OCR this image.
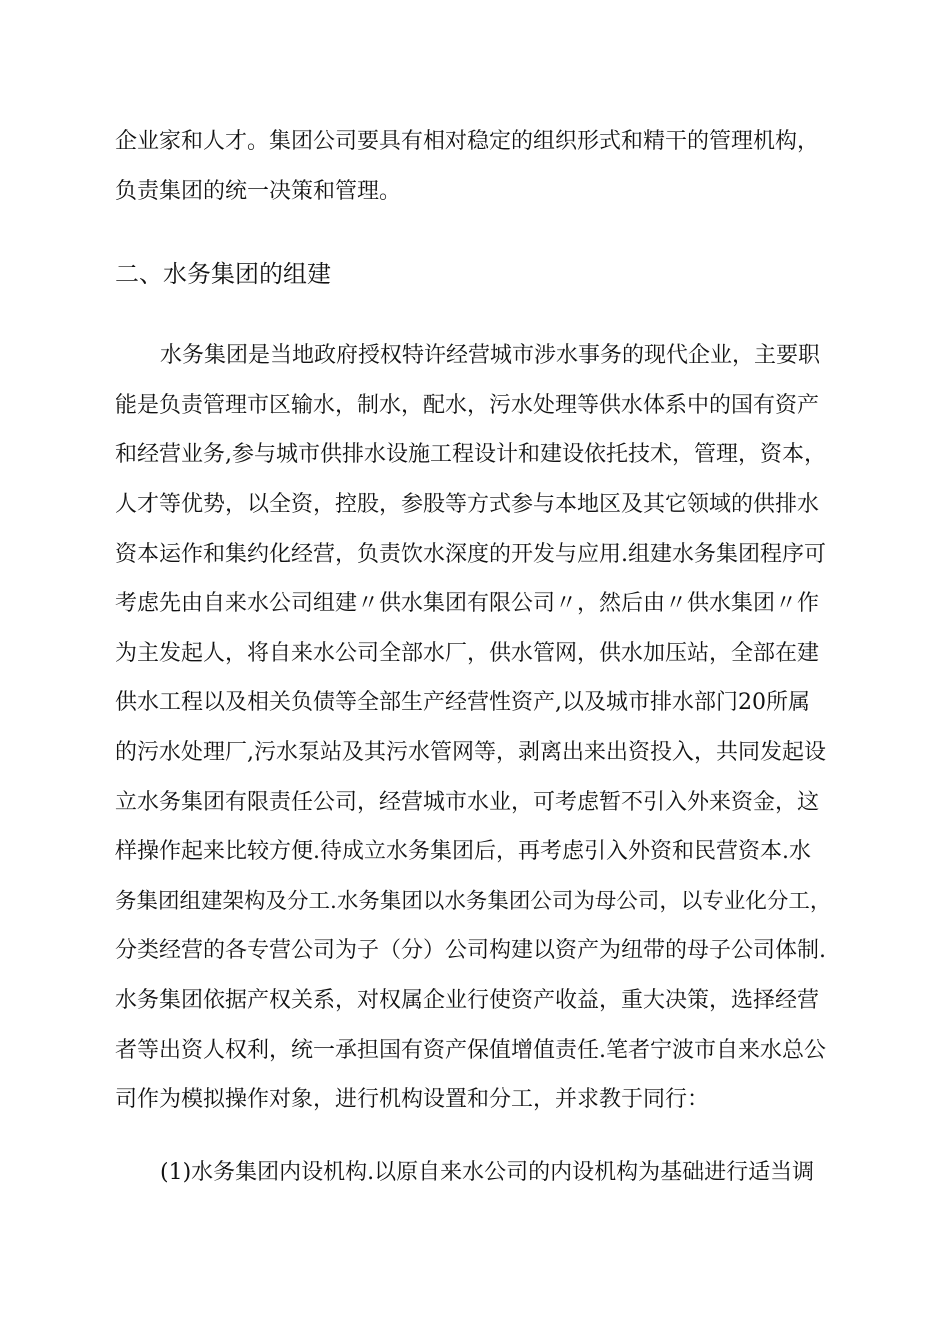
企业家和人才。集团公司要具有相对稳定的组织形式和精干的管理机构，
负责集团的统一决策和管理。
二、水务集团的组建
水务集团是当地政府授权特许经营城市涉水事务的现代企业，主要职
能是负责管理市区输水，制水，配水，污水处理等供水体系中的国有资产
和经营业务,参与城市供排水设施工程设计和建设依托技术，管理，资本，
人才等优势，以全资，控股，参股等方式参与本地区及其它领域的供排水
资本运作和集约化经营，负责饮水深度的开发与应用.组建水务集团程序可
考虑先由自来水公司组建〃供水集团有限公司〃，然后由〃供水集团〃作
为主发起人，将自来水公司全部水厂，供水管网，供水加压站，全部在建
供水工程以及相关负债等全部生产经营性资产,以及城市排水部门20所属
的污水处理厂,污水泵站及其污水管网等，剥离出来出资投入，共同发起设
立水务集团有限责任公司，经营城市水业，可考虑暂不引入外来资金，这
样操作起来比较方便.待成立水务集团后，再考虑引入外资和民营资本.水
务集团组建架构及分工.水务集团以水务集团公司为母公司，以专业化分工，
分类经营的各专营公司为子（分）公司构建以资产为纽带的母子公司体制.
水务集团依据产权关系，对权属企业行使资产收益，重大决策，选择经营
者等出资人权利，统一承担国有资产保值增值责任.笔者宁波市自来水总公
司作为模拟操作对象，进行机构设置和分工，并求教于同行：
(1)水务集团内设机构.以原自来水公司的内设机构为基础进行适当调
